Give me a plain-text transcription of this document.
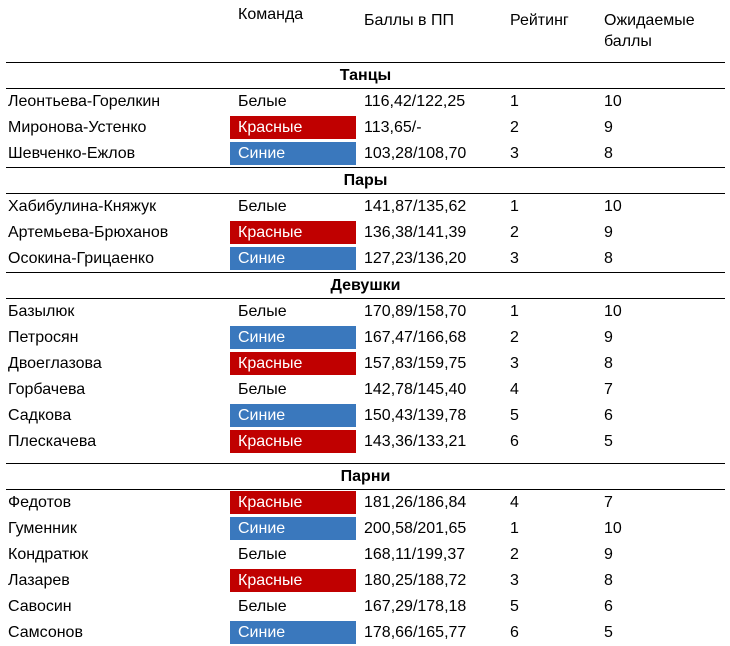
	Команда	Баллы в ПП	Рейтинг	Ожидаемые баллы
Танцы				
Леонтьева-Горелкин	Белые	116,42/122,25	1	10
Миронова-Устенко	Красные	113,65/-	2	9
Шевченко-Ежлов	Синие	103,28/108,70	3	8
Пары				
Хабибулина-Княжук	Белые	141,87/135,62	1	10
Артемьева-Брюханов	Красные	136,38/141,39	2	9
Осокина-Грицаенко	Синие	127,23/136,20	3	8
Девушки				
Базылюк	Белые	170,89/158,70	1	10
Петросян	Синие	167,47/166,68	2	9
Двоеглазова	Красные	157,83/159,75	3	8
Горбачева	Белые	142,78/145,40	4	7
Садкова	Синие	150,43/139,78	5	6
Плескачева	Красные	143,36/133,21	6	5

Парни				
Федотов	Красные	181,26/186,84	4	7
Гуменник	Синие	200,58/201,65	1	10
Кондратюк	Белые	168,11/199,37	2	9
Лазарев	Красные	180,25/188,72	3	8
Савосин	Белые	167,29/178,18	5	6
Самсонов	Синие	178,66/165,77	6	5
